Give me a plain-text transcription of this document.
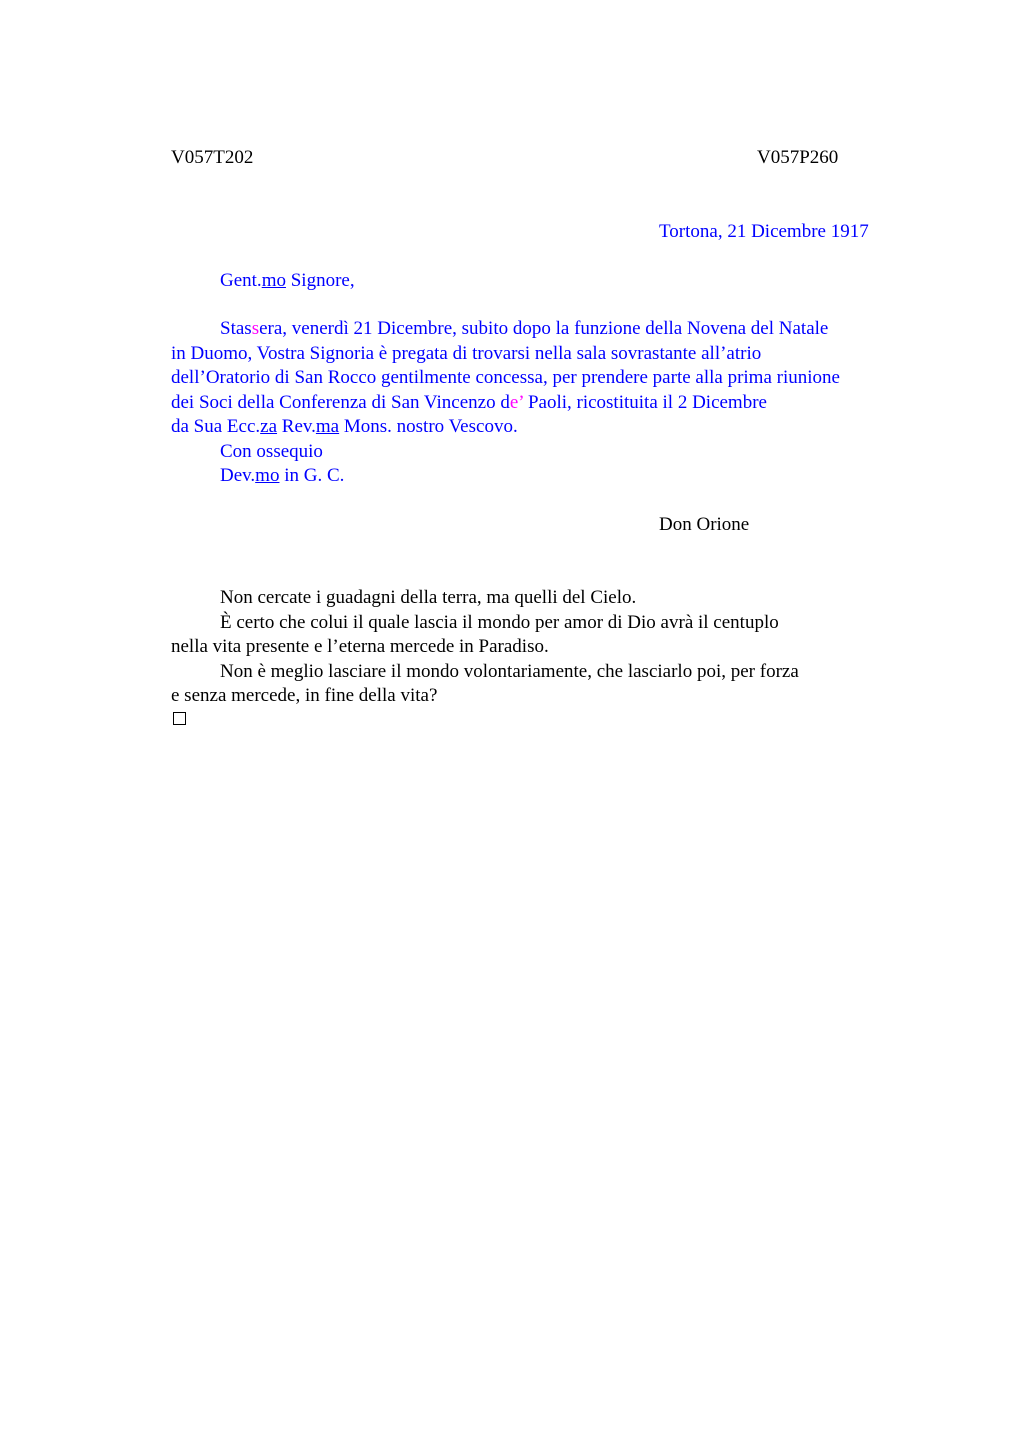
V057T202	V057P260
Tortona, 21 Dicembre 1917
Gent.mo Signore,
Stassera, venerdì 21 Dicembre, subito dopo la funzione della Novena del Natale
in Duomo, Vostra Signoria è pregata di trovarsi nella sala sovrastante all’atrio
dell’Oratorio di San Rocco gentilmente concessa, per prendere parte alla prima riunione
dei Soci della Conferenza di San Vincenzo de’ Paoli, ricostituita il 2 Dicembre
da Sua Ecc.za Rev.ma Mons. nostro Vescovo.
Con ossequio
Dev.mo in G. C.
Don Orione
Non cercate i guadagni della terra, ma quelli del Cielo.
È certo che colui il quale lascia il mondo per amor di Dio avrà il centuplo
nella vita presente e l’eterna mercede in Paradiso.
Non è meglio lasciare il mondo volontariamente, che lasciarlo poi, per forza
e senza mercede, in fine della vita?
